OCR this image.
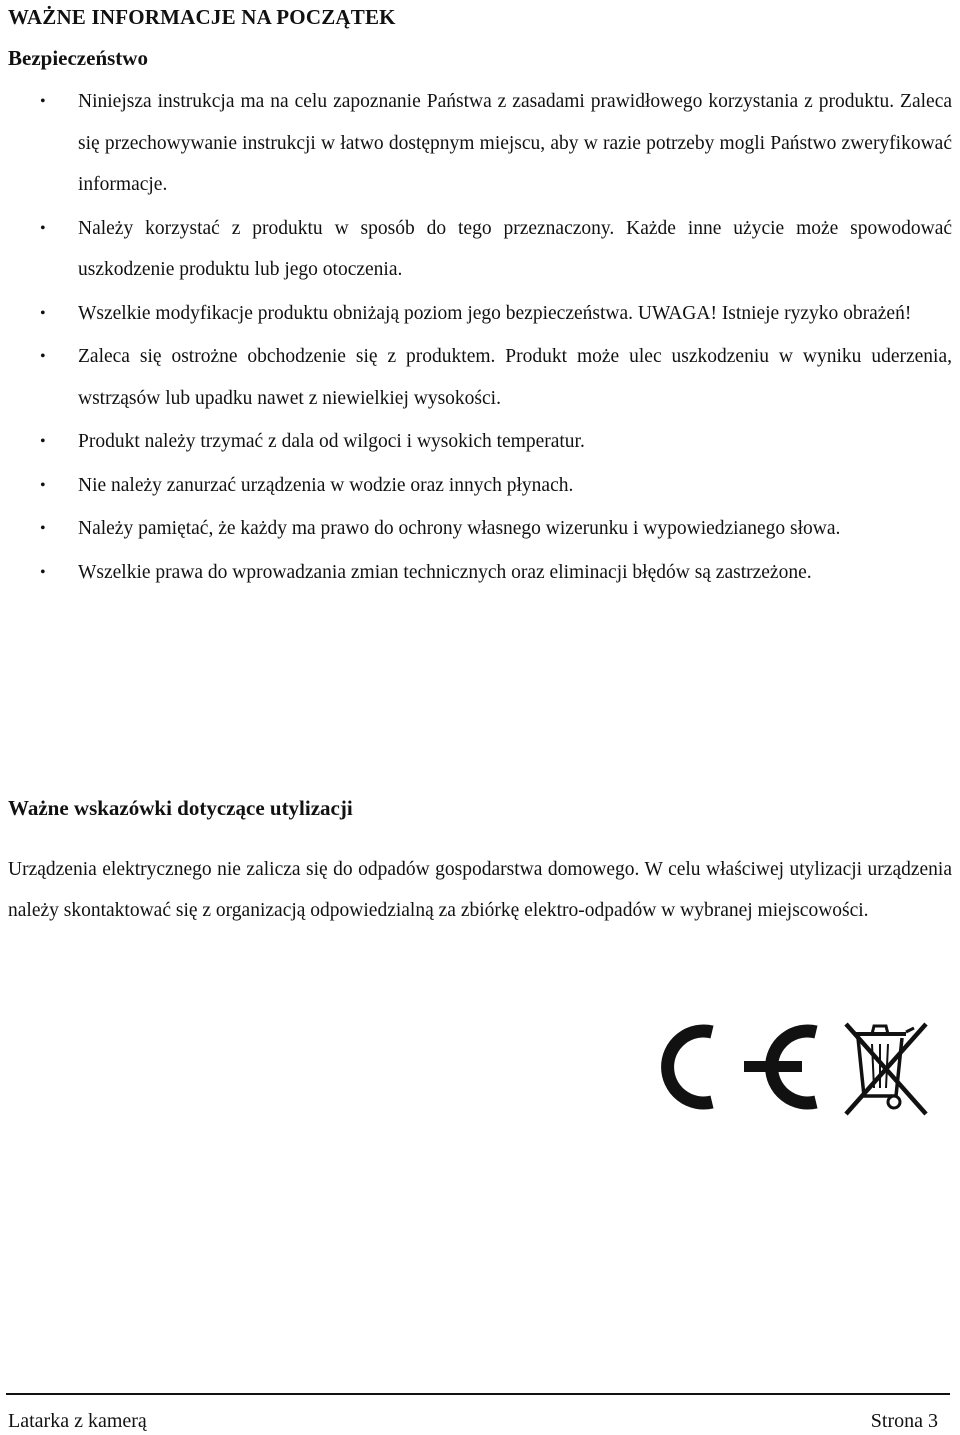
WAŻNE INFORMACJE NA POCZĄTEK
Bezpieczeństwo
• Niniejsza instrukcja ma na celu zapoznanie Państwa z zasadami prawidłowego korzystania z produktu. Zaleca się przechowywanie instrukcji w łatwo dostępnym miejscu, aby w razie potrzeby mogli Państwo zweryfikować informacje.
• Należy korzystać z produktu w sposób do tego przeznaczony. Każde inne użycie może spowodować uszkodzenie produktu lub jego otoczenia.
• Wszelkie modyfikacje produktu obniżają poziom jego bezpieczeństwa. UWAGA! Istnieje ryzyko obrażeń!
• Zaleca się ostrożne obchodzenie się z produktem. Produkt może ulec uszkodzeniu w wyniku uderzenia, wstrząsów lub upadku nawet z niewielkiej wysokości.
• Produkt należy trzymać z dala od wilgoci i wysokich temperatur.
• Nie należy zanurzać urządzenia w wodzie oraz innych płynach.
• Należy pamiętać, że każdy ma prawo do ochrony własnego wizerunku i wypowiedzianego słowa.
• Wszelkie prawa do wprowadzania zmian technicznych oraz eliminacji błędów są zastrzeżone.
Ważne wskazówki dotyczące utylizacji

Urządzenia elektrycznego nie zalicza się do odpadów gospodarstwa domowego. W celu właściwej utylizacji urządzenia należy skontaktować się z organizacją odpowiedzialną za zbiórkę elektro-odpadów w wybranej miejscowości.

Latarka z kamerą	Strona 3
